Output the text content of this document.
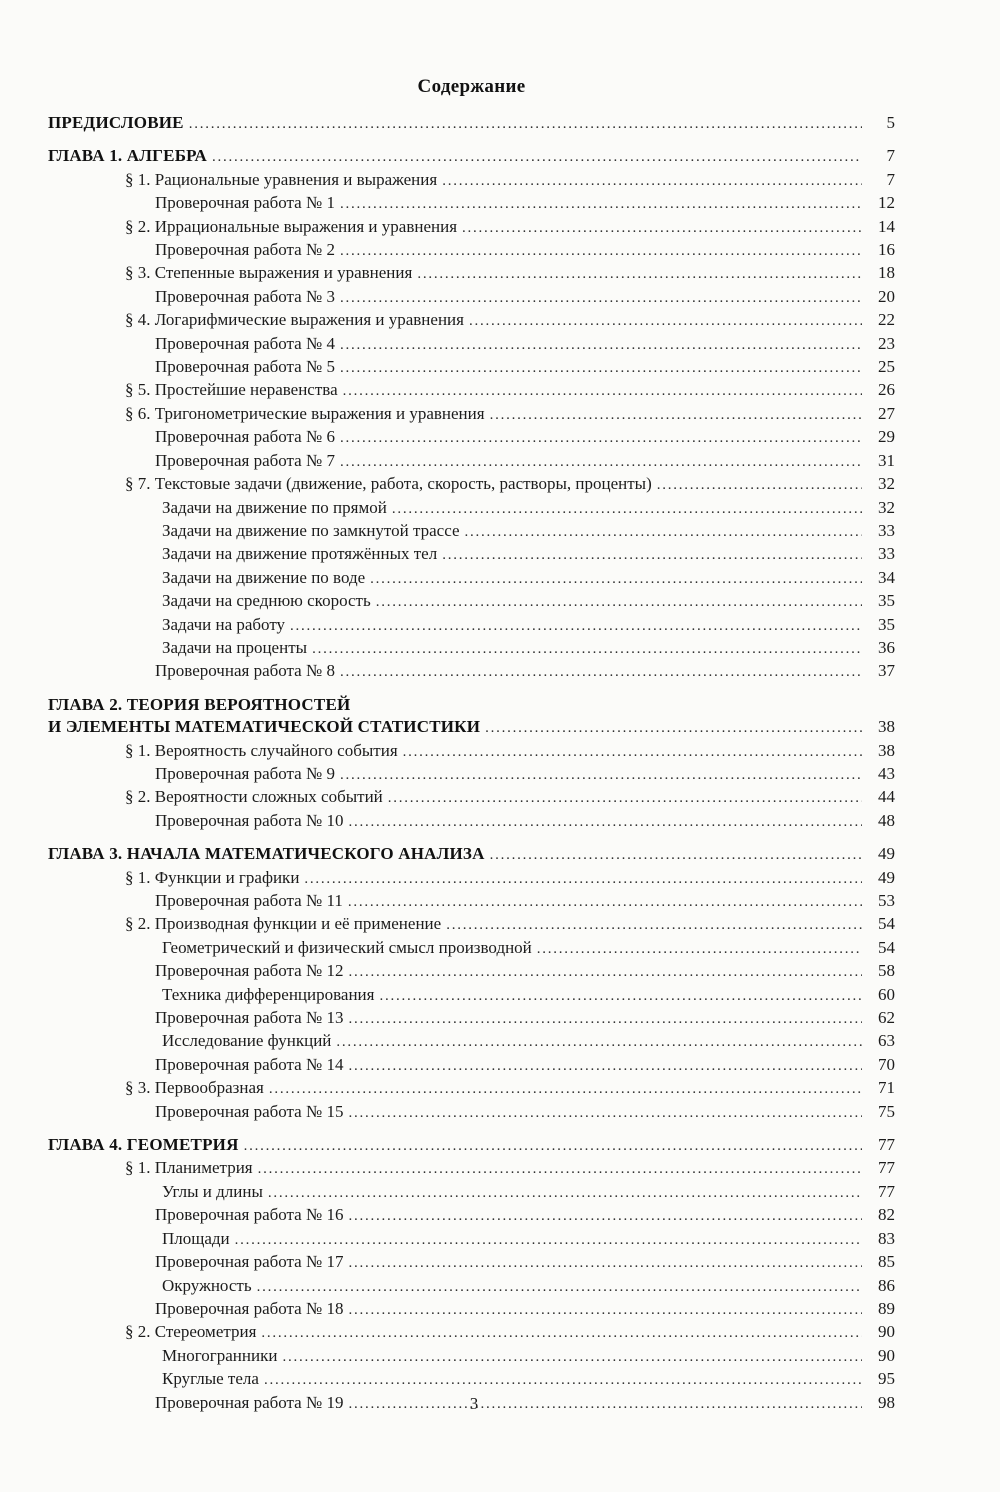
Содержание
ПРЕДИСЛОВИЕ . . .	5
ГЛАВА 1. АЛГЕБРА . . .	7
§ 1. Рациональные уравнения и выражения . . .	7
Проверочная работа № 1 . . .	12
§ 2. Иррациональные выражения и уравнения . . .	14
Проверочная работа № 2 . . .	16
§ 3. Степенные выражения и уравнения . . .	18
Проверочная работа № 3 . . .	20
§ 4. Логарифмические выражения и уравнения . . .	22
Проверочная работа № 4 . . .	23
Проверочная работа № 5 . . .	25
§ 5. Простейшие неравенства . . .	26
§ 6. Тригонометрические выражения и уравнения . . .	27
Проверочная работа № 6 . . .	29
Проверочная работа № 7 . . .	31
§ 7. Текстовые задачи (движение, работа, скорость, растворы, проценты) . . .	32
Задачи на движение по прямой . . .	32
Задачи на движение по замкнутой трассе . . .	33
Задачи на движение протяжённых тел . . .	33
Задачи на движение по воде . . .	34
Задачи на среднюю скорость . . .	35
Задачи на работу . . .	35
Задачи на проценты . . .	36
Проверочная работа № 8 . . .	37
ГЛАВА 2. ТЕОРИЯ ВЕРОЯТНОСТЕЙ
И ЭЛЕМЕНТЫ МАТЕМАТИЧЕСКОЙ СТАТИСТИКИ . . .	38
§ 1. Вероятность случайного события . . .	38
Проверочная работа № 9 . . .	43
§ 2. Вероятности сложных событий . . .	44
Проверочная работа № 10 . . .	48
ГЛАВА 3. НАЧАЛА МАТЕМАТИЧЕСКОГО АНАЛИЗА . . .	49
§ 1. Функции и графики . . .	49
Проверочная работа № 11 . . .	53
§ 2. Производная функции и её применение . . .	54
Геометрический и физический смысл производной . . .	54
Проверочная работа № 12 . . .	58
Техника дифференцирования . . .	60
Проверочная работа № 13 . . .	62
Исследование функций . . .	63
Проверочная работа № 14 . . .	70
§ 3. Первообразная . . .	71
Проверочная работа № 15 . . .	75
ГЛАВА 4. ГЕОМЕТРИЯ . . .	77
§ 1. Планиметрия . . .	77
Углы и длины . . .	77
Проверочная работа № 16 . . .	82
Площади . . .	83
Проверочная работа № 17 . . .	85
Окружность . . .	86
Проверочная работа № 18 . . .	89
§ 2. Стереометрия . . .	90
Многогранники . . .	90
Круглые тела . . .	95
Проверочная работа № 19 . . .	98
3
